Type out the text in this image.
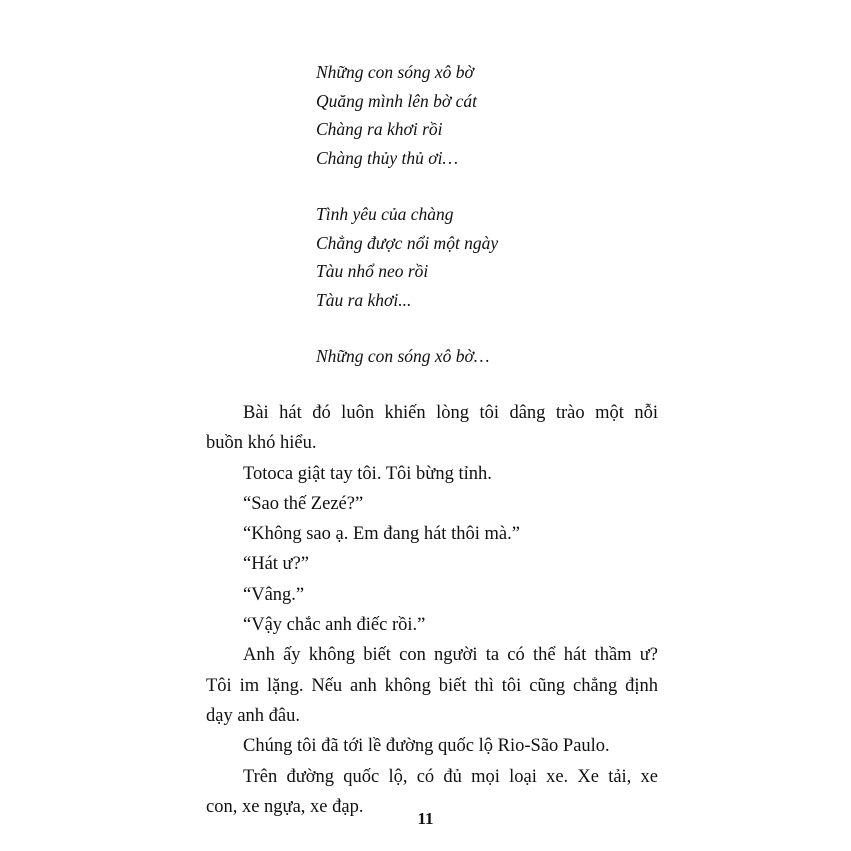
Những con sóng xô bờ
Quăng mình lên bờ cát
Chàng ra khơi rồi
Chàng thủy thủ ơi…
Tình yêu của chàng
Chẳng được nổi một ngày
Tàu nhổ neo rồi
Tàu ra khơi...
Những con sóng xô bờ…

Bài hát đó luôn khiến lòng tôi dâng trào một nỗi
buồn khó hiểu.

Totoca giật tay tôi. Tôi bừng tỉnh.

“Sao thế Zezé?”

“Không sao ạ. Em đang hát thôi mà.”

“Hát ư?”

“Vâng.”

“Vậy chắc anh điếc rồi.”

Anh ấy không biết con người ta có thể hát thầm ư?
Tôi im lặng. Nếu anh không biết thì tôi cũng chẳng định
dạy anh đâu.

Chúng tôi đã tới lề đường quốc lộ Rio-São Paulo.

Trên đường quốc lộ, có đủ mọi loại xe. Xe tải, xe
con, xe ngựa, xe đạp.

11
